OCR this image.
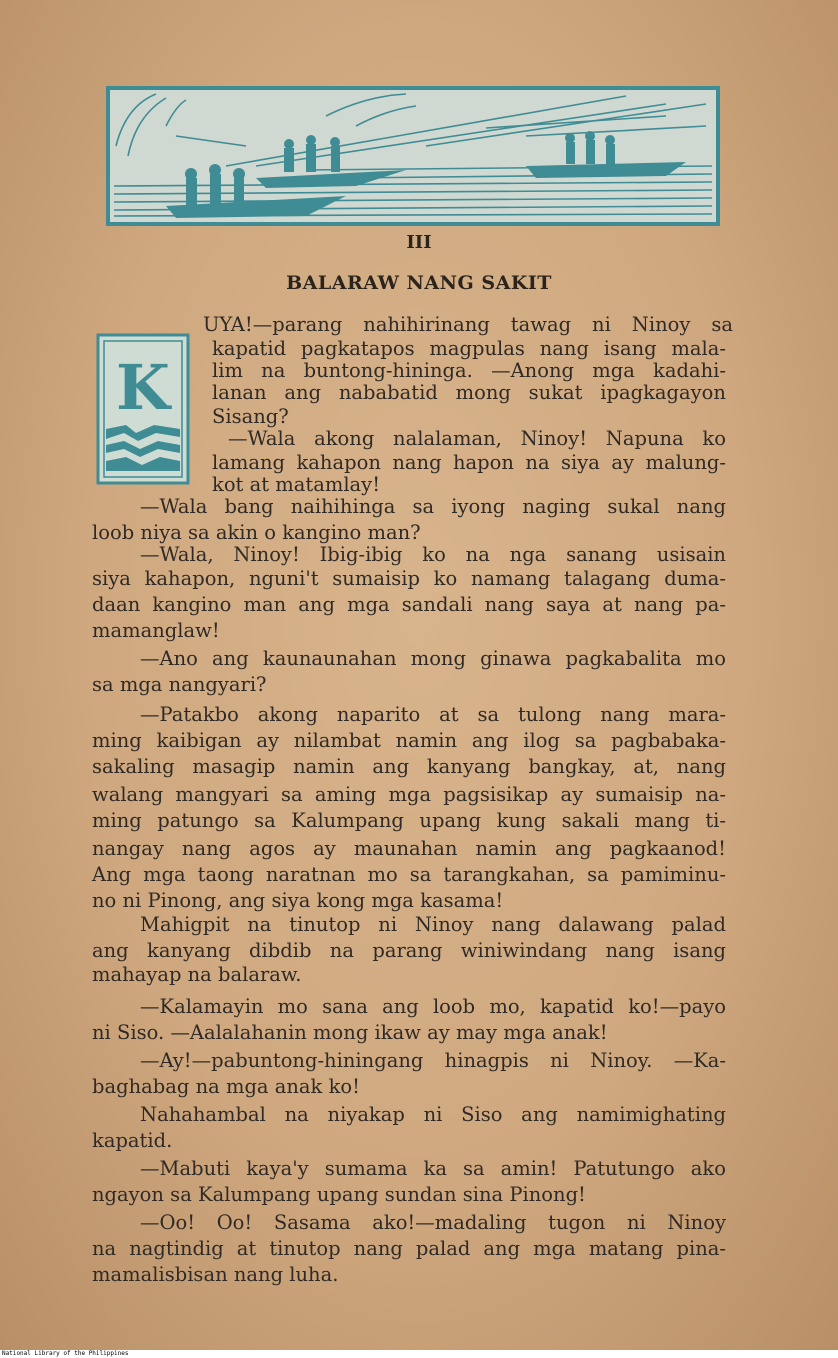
III
BALARAW NANG SAKIT
K
UYA!—parang nahihirinang tawag ni Ninoy sa
kapatid pagkatapos magpulas nang isang mala-
lim na buntong-hininga. —Anong mga kadahi-
lanan ang nababatid mong sukat ipagkagayon
Sisang?
—Wala akong nalalaman, Ninoy! Napuna ko
lamang kahapon nang hapon na siya ay malung-
kot at matamlay!
—Wala bang naihihinga sa iyong naging sukal nang
loob niya sa akin o kangino man?
—Wala, Ninoy! Ibig-ibig ko na nga sanang usisain
siya kahapon, nguni't sumaisip ko namang talagang duma-
daan kangino man ang mga sandali nang saya at nang pa-
mamanglaw!
—Ano ang kaunaunahan mong ginawa pagkabalita mo
sa mga nangyari?
—Patakbo akong naparito at sa tulong nang mara-
ming kaibigan ay nilambat namin ang ilog sa pagbabaka-
sakaling masagip namin ang kanyang bangkay, at, nang
walang mangyari sa aming mga pagsisikap ay sumaisip na-
ming patungo sa Kalumpang upang kung sakali mang ti-
nangay nang agos ay maunahan namin ang pagkaanod!
Ang mga taong naratnan mo sa tarangkahan, sa pamiminu-
no ni Pinong, ang siya kong mga kasama!
Mahigpit na tinutop ni Ninoy nang dalawang palad
ang kanyang dibdib na parang winiwindang nang isang
mahayap na balaraw.
—Kalamayin mo sana ang loob mo, kapatid ko!—payo
ni Siso. —Aalalahanin mong ikaw ay may mga anak!
—Ay!—pabuntong-hiningang hinagpis ni Ninoy. —Ka-
baghabag na mga anak ko!
Nahahambal na niyakap ni Siso ang namimighating
kapatid.
—Mabuti kaya'y sumama ka sa amin! Patutungo ako
ngayon sa Kalumpang upang sundan sina Pinong!
—Oo! Oo! Sasama ako!—madaling tugon ni Ninoy
na nagtindig at tinutop nang palad ang mga matang pina-
mamalisbisan nang luha.
National Library of the Philippines
